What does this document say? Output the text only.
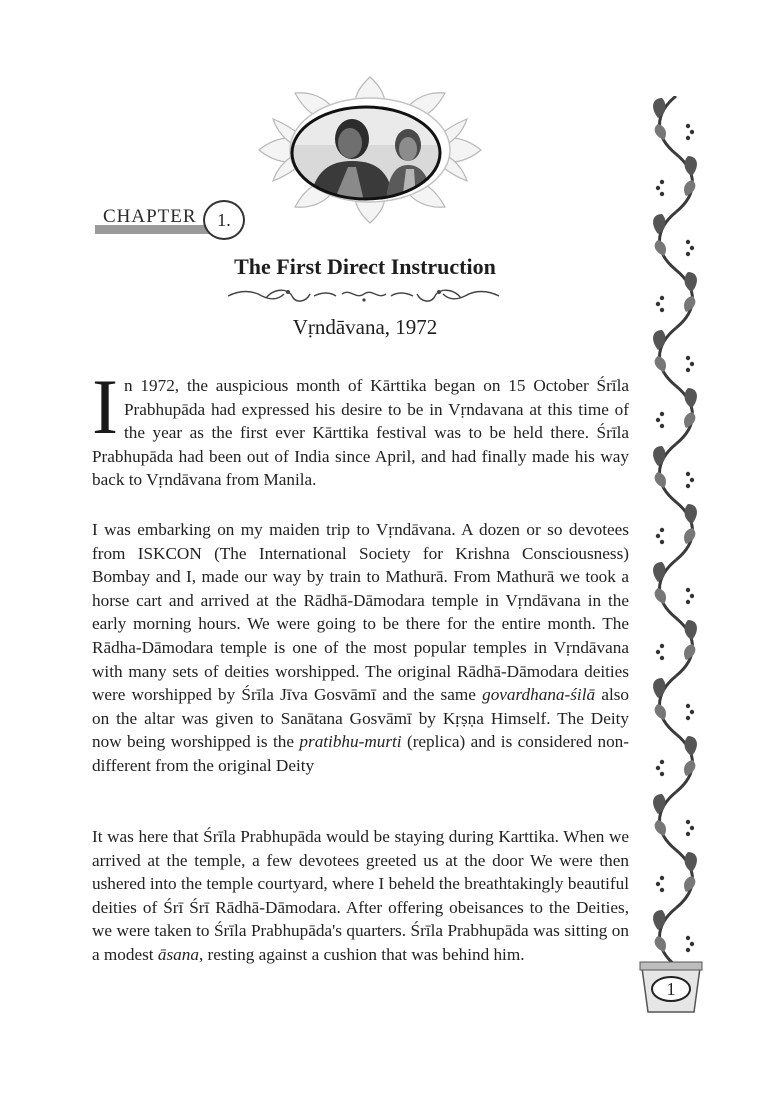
CHAPTER	1.
The First Direct Instruction
Vṛndāvana, 1972
In 1972, the auspicious month of Kārttika began on 15 October Śrīla Prabhupāda had expressed his desire to be in Vṛndavana at this time of the year as the first ever Kārttika festival was to be held there. Śrīla Prabhupāda had been out of India since April, and had finally made his way back to Vṛndāvana from Manila.
I was embarking on my maiden trip to Vṛndāvana. A dozen or so devotees from ISKCON (The International Society for Krishna Consciousness) Bombay and I, made our way by train to Mathurā. From Mathurā we took a horse cart and arrived at the Rādhā-Dāmodara temple in Vṛndāvana in the early morning hours. We were going to be there for the entire month. The Rādha-Dāmodara temple is one of the most popular temples in Vṛndāvana with many sets of deities worshipped. The original Rādhā-Dāmodara deities were worshipped by Śrīla Jīva Gosvāmī and the same govardhana-śilā also on the altar was given to Sanātana Gosvāmī by Kṛṣṇa Himself. The Deity now being worshipped is the pratibhu-murti (replica) and is considered non-different from the original Deity
It was here that Śrīla Prabhupāda would be staying during Karttika. When we arrived at the temple, a few devotees greeted us at the door We were then ushered into the temple courtyard, where I beheld the breathtakingly beautiful deities of Śrī Śrī Rādhā-Dāmodara. After offering obeisances to the Deities, we were taken to Śrīla Prabhupāda's quarters. Śrīla Prabhupāda was sitting on a modest āsana, resting against a cushion that was behind him.
1
